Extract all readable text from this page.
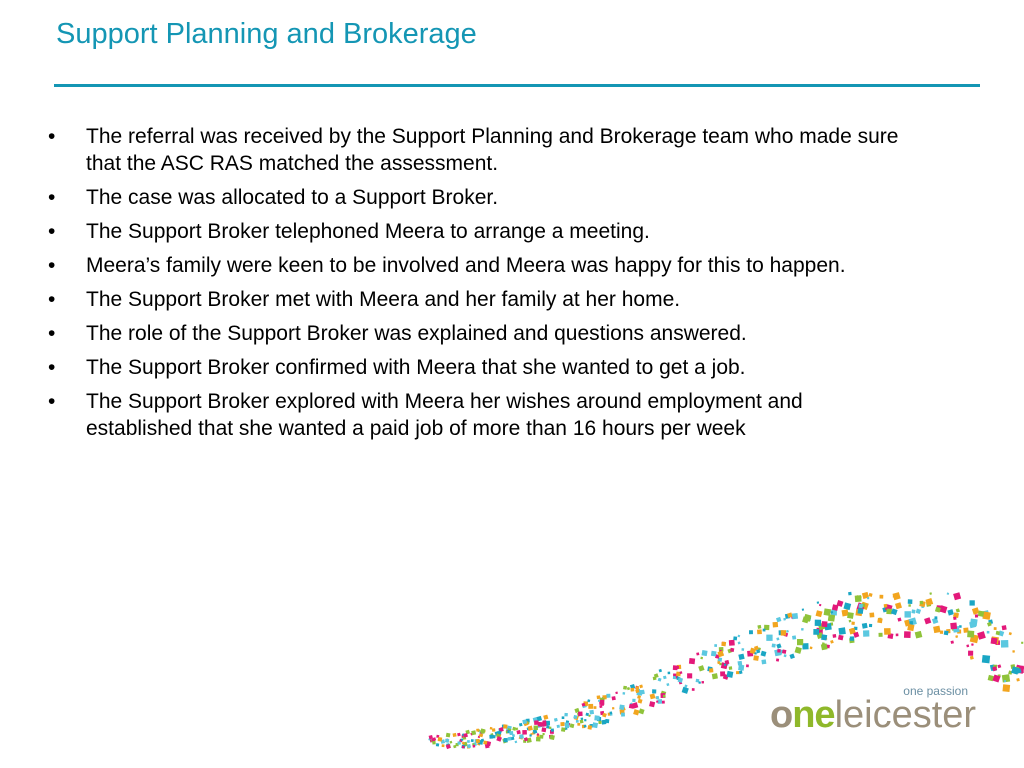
Support Planning and Brokerage
•	The referral was received by the Support Planning and Brokerage team who made sure that the ASC RAS matched the assessment.
•	The case was allocated to a Support Broker.
•	The Support Broker telephoned Meera to arrange a meeting.
•	Meera’s family were keen to be involved and Meera was happy for this to happen.
•	The Support Broker met with Meera and her family at her home.
•	The role of the Support Broker was explained and questions answered.
•	The Support Broker confirmed with Meera that she wanted to get a job.
•	The Support Broker explored with Meera her wishes around employment and established that she wanted a paid job of more than 16 hours per week
one passion
oneleicester
